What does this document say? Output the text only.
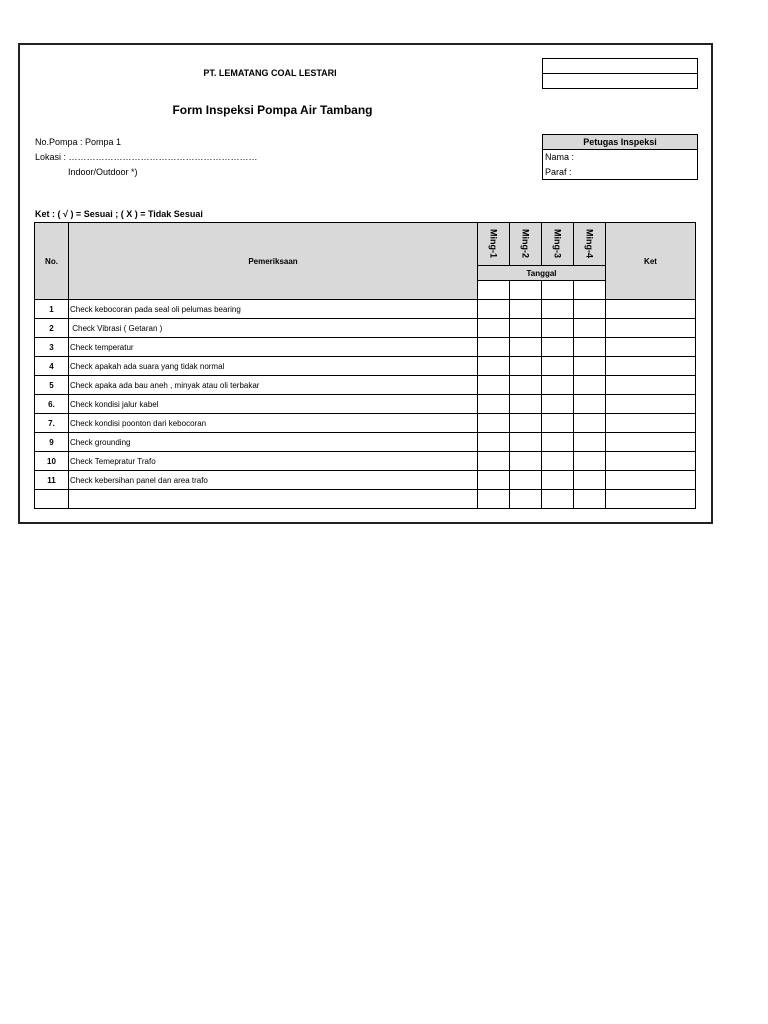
PT. LEMATANG COAL LESTARI
Form Inspeksi Pompa Air Tambang
No.Pompa : Pompa 1
Lokasi : ………………………………………………………
Indoor/Outdoor *)
Petugas Inspeksi
Nama :
Paraf :
Ket : ( √ ) = Sesuai ; ( X ) = Tidak Sesuai
No.	Pemeriksaan	Ming-1	Ming-2	Ming-3	Ming-4	Ket
		Tanggal				

1	Check kebocoran pada seal oli pelumas bearing					
2	Check Vibrasi ( Getaran )					
3	Check temperatur					
4	Check apakah ada suara yang tidak normal					
5	Check apaka ada bau aneh , minyak atau oli terbakar					
6.	Check kondisi jalur kabel					
7.	Check kondisi poonton dari kebocoran					
9	Check grounding					
10	Check Temepratur Trafo					
11	Check kebersihan panel dan area trafo					
